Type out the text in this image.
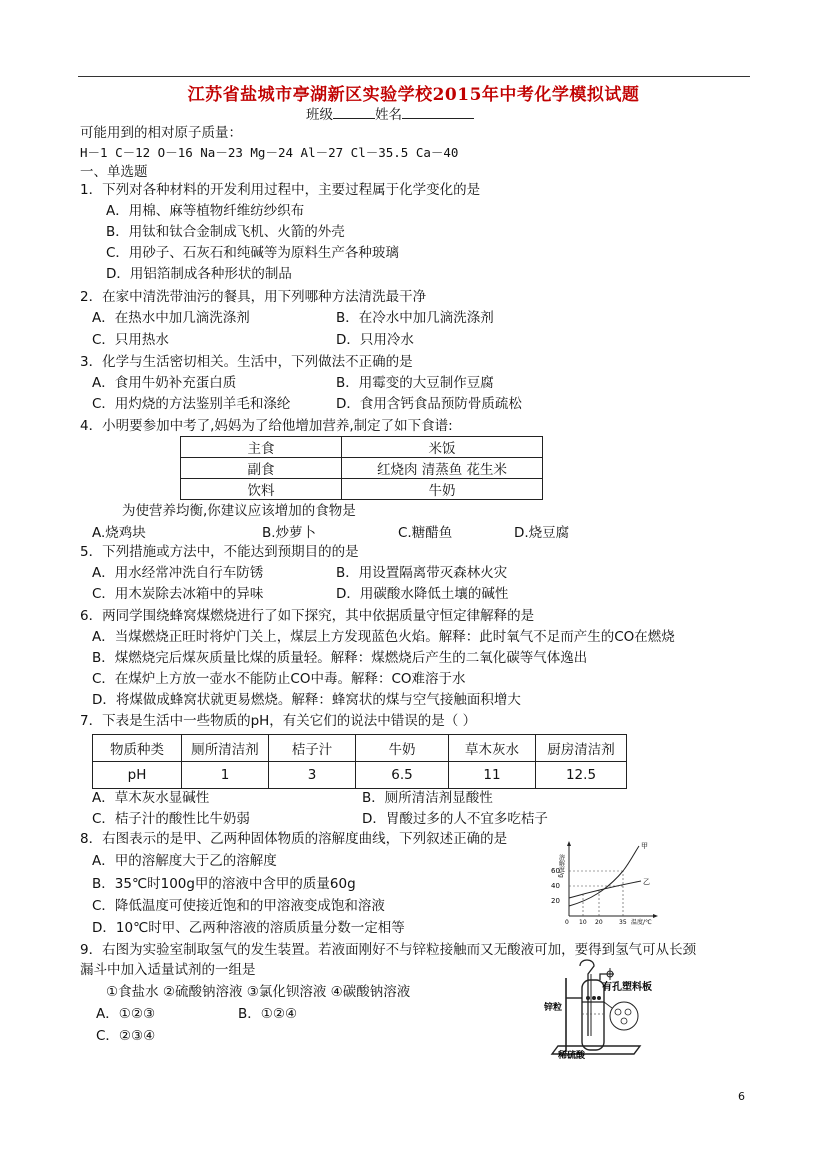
江苏省盐城市亭湖新区实验学校2015年中考化学模拟试题
班级	姓名
可能用到的相对原子质量：
H－1 C－12 O－16 Na－23 Mg－24 Al－27 Cl－35.5 Ca－40
一、单选题
1．下列对各种材料的开发利用过程中，主要过程属于化学变化的是
A．用棉、麻等植物纤维纺纱织布
B．用钛和钛合金制成飞机、火箭的外壳
C．用砂子、石灰石和纯碱等为原料生产各种玻璃
D．用铝箔制成各种形状的制品
2．在家中清洗带油污的餐具，用下列哪种方法清洗最干净
A．在热水中加几滴洗涤剂	B．在冷水中加几滴洗涤剂
C．只用热水	D．只用冷水
3．化学与生活密切相关。生活中，下列做法不正确的是
A．食用牛奶补充蛋白质	B．用霉变的大豆制作豆腐
C．用灼烧的方法鉴别羊毛和涤纶	D．食用含钙食品预防骨质疏松
4．小明要参加中考了,妈妈为了给他增加营养,制定了如下食谱:
主食	米饭
副食	红烧肉 清蒸鱼 花生米
饮料	牛奶
为使营养均衡,你建议应该增加的食物是
A.烧鸡块	B.炒萝卜	C.糖醋鱼	D.烧豆腐
5．下列措施或方法中，不能达到预期目的的是
A．用水经常冲洗自行车防锈	B．用设置隔离带灭森林火灾
C．用木炭除去冰箱中的异味	D．用碳酸水降低土壤的碱性
6．两同学围绕蜂窝煤燃烧进行了如下探究，其中依据质量守恒定律解释的是
A．当煤燃烧正旺时将炉门关上，煤层上方发现蓝色火焰。解释：此时氧气不足而产生的CO在燃烧
B．煤燃烧完后煤灰质量比煤的质量轻。解释：煤燃烧后产生的二氧化碳等气体逸出
C．在煤炉上方放一壶水不能防止CO中毒。解释：CO难溶于水
D．将煤做成蜂窝状就更易燃烧。解释：蜂窝状的煤与空气接触面积增大
7．下表是生活中一些物质的pH，有关它们的说法中错误的是（ ）
物质种类	厕所清洁剂	桔子汁	牛奶	草木灰水	厨房清洁剂
pH	1	3	6.5	11	12.5
A．草木灰水显碱性	B．厕所清洁剂显酸性
C．桔子汁的酸性比牛奶弱	D．胃酸过多的人不宜多吃桔子
8．右图表示的是甲、乙两种固体物质的溶解度曲线，下列叙述正确的是
A．甲的溶解度大于乙的溶解度
B．35℃时100g甲的溶液中含甲的质量60g
C．降低温度可使接近饱和的甲溶液变成饱和溶液
D．10℃时甲、乙两种溶液的溶质质量分数一定相等
溶解度/g
60
40
20
甲
乙
0 10 20	35 温度/℃
9．右图为实验室制取氢气的发生装置。若液面刚好不与锌粒接触而又无酸液可加，要得到氢气可从长颈
漏斗中加入适量试剂的一组是
①食盐水 ②硫酸钠溶液 ③氯化钡溶液 ④碳酸钠溶液
A．①②③	B．①②④
C．②③④
有孔塑料板
锌粒
稀硫酸
6
